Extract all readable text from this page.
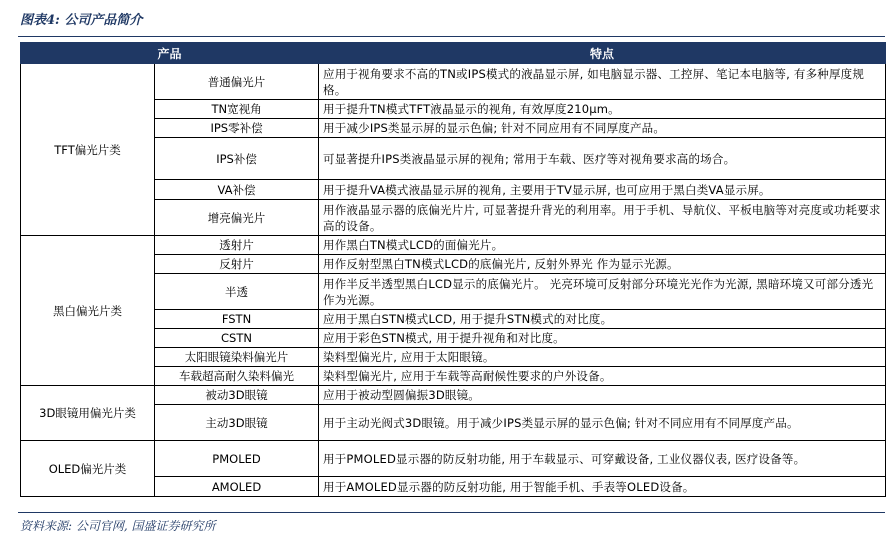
图表4: 公司产品简介
产品		特点
TFT偏光片类	普通偏光片	应用于视角要求不高的TN或IPS模式的液晶显示屏, 如电脑显示器、工控屏、笔记本电脑等, 有多种厚度规格。
	TN宽视角	用于提升TN模式TFT液晶显示的视角, 有效厚度210μm。
	IPS零补偿	用于减少IPS类显示屏的显示色偏; 针对不同应用有不同厚度产品。
	IPS补偿	可显著提升IPS类液晶显示屏的视角; 常用于车载、医疗等对视角要求高的场合。
	VA补偿	用于提升VA模式液晶显示屏的视角, 主要用于TV显示屏, 也可应用于黑白类VA显示屏。
	增亮偏光片	用作液晶显示器的底偏光片片, 可显著提升背光的利用率。用于手机、导航仪、平板电脑等对亮度或功耗要求高的设备。
黑白偏光片类	透射片	用作黑白TN模式LCD的面偏光片。
	反射片	用作反射型黑白TN模式LCD的底偏光片, 反射外界光 作为显示光源。
	半透	用作半反半透型黑白LCD显示的底偏光片。 光亮环境可反射部分环境光光作为光源, 黑暗环境又可部分透光作为光源。
	FSTN	应用于黑白STN模式LCD, 用于提升STN模式的对比度。
	CSTN	应用于彩色STN模式, 用于提升视角和对比度。
	太阳眼镜染料偏光片	染料型偏光片, 应用于太阳眼镜。
	车载超高耐久染料偏光	染料型偏光片, 应用于车载等高耐候性要求的户外设备。
3D眼镜用偏光片类	被动3D眼镜	应用于被动型圆偏振3D眼镜。
	主动3D眼镜	用于主动光阀式3D眼镜。用于减少IPS类显示屏的显示色偏; 针对不同应用有不同厚度产品。
OLED偏光片类	PMOLED	用于PMOLED显示器的防反射功能, 用于车载显示、可穿戴设备, 工业仪器仪表, 医疗设备等。
	AMOLED	用于AMOLED显示器的防反射功能, 用于智能手机、手表等OLED设备。
资料来源: 公司官网, 国盛证券研究所
